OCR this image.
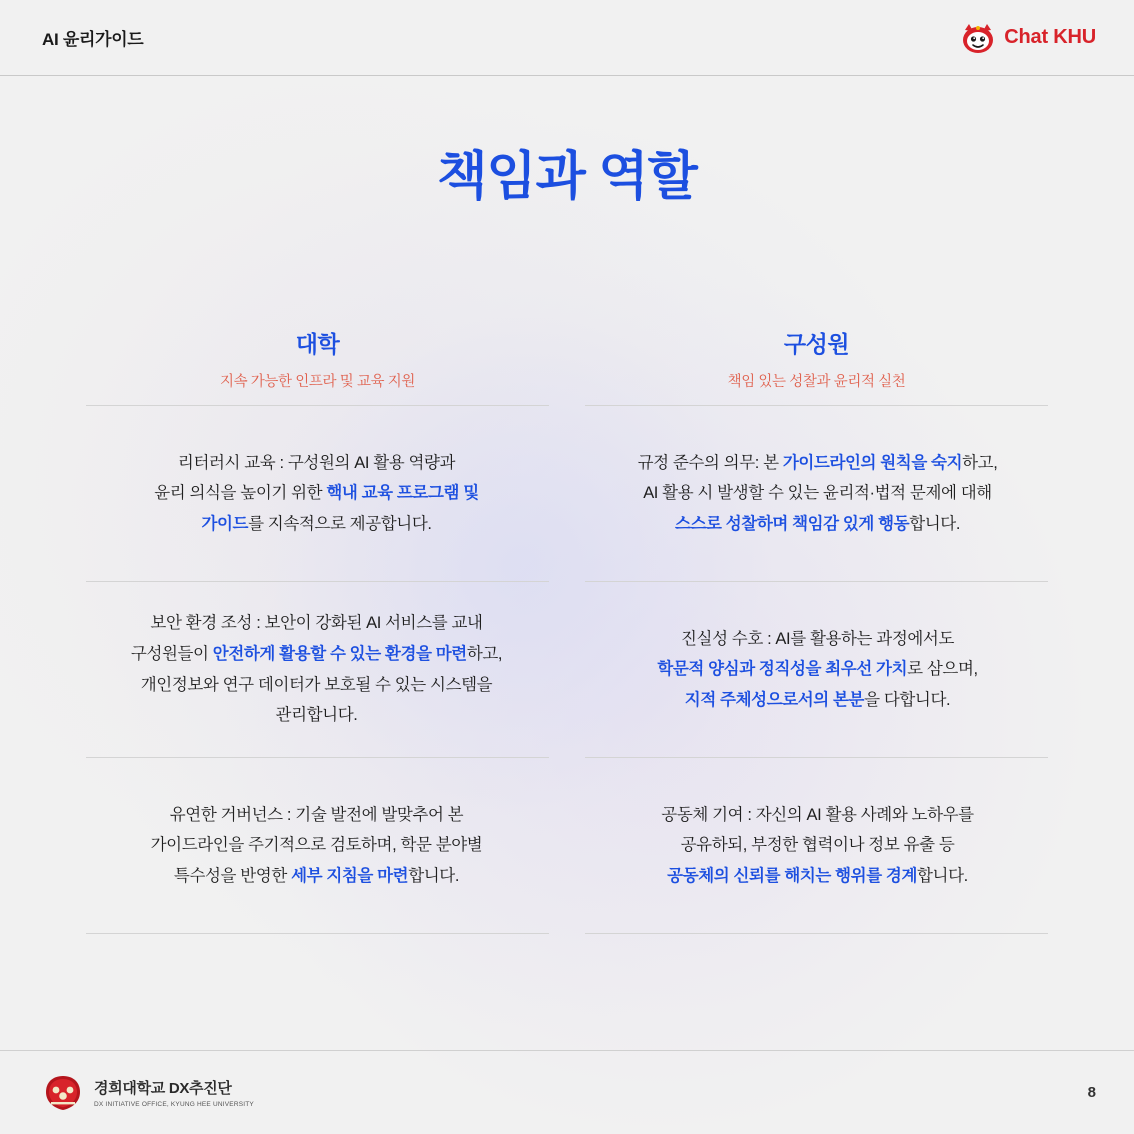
AI 윤리가이드	Chat KHU
책임과 역할
대학
지속 가능한 인프라 및 교육 지원

리터러시 교육 : 구성원의 AI 활용 역량과
윤리 의식을 높이기 위한 핵내 교육 프로그램 및
가이드를 지속적으로 제공합니다.

보안 환경 조성 : 보안이 강화된 AI 서비스를 교내
구성원들이 안전하게 활용할 수 있는 환경을 마련하고,
개인정보와 연구 데이터가 보호될 수 있는 시스템을
관리합니다.

유연한 거버넌스 : 기술 발전에 발맞추어 본
가이드라인을 주기적으로 검토하며, 학문 분야별
특수성을 반영한 세부 지침을 마련합니다.

구성원
책임 있는 성찰과 윤리적 실천

규정 준수의 의무: 본 가이드라인의 원칙을 숙지하고,
AI 활용 시 발생할 수 있는 윤리적·법적 문제에 대해
스스로 성찰하며 책임감 있게 행동합니다.

진실성 수호 : AI를 활용하는 과정에서도
학문적 양심과 정직성을 최우선 가치로 삼으며,
지적 주체성으로서의 본분을 다합니다.

공동체 기여 : 자신의 AI 활용 사례와 노하우를
공유하되, 부정한 협력이나 정보 유출 등
공동체의 신뢰를 해치는 행위를 경계합니다.

경희대학교 DX추진단
DX INITIATIVE OFFICE, KYUNG HEE UNIVERSITY
8
